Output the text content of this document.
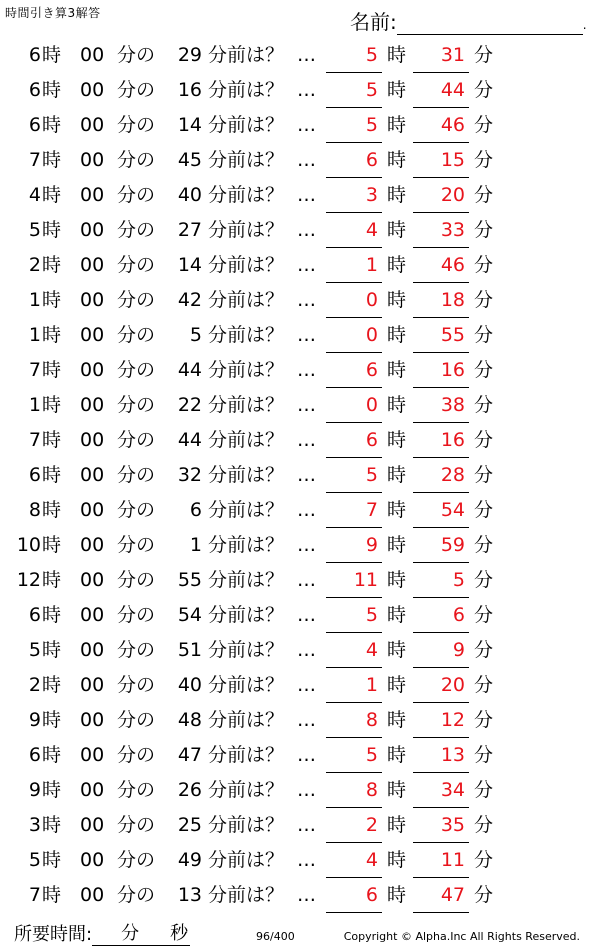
時間引き算3解答	名前:	.
6 時 00 分の 29 分前は？ …	5 時 31 分
6 時 00 分の 16 分前は？ …	5 時 44 分
6 時 00 分の 14 分前は？ …	5 時 46 分
7 時 00 分の 45 分前は？ …	6 時 15 分
4 時 00 分の 40 分前は？ …	3 時 20 分
5 時 00 分の 27 分前は？ …	4 時 33 分
2 時 00 分の 14 分前は？ …	1 時 46 分
1 時 00 分の 42 分前は？ …	0 時 18 分
1 時 00 分の 5 分前は？ …	0 時 55 分
7 時 00 分の 44 分前は？ …	6 時 16 分
1 時 00 分の 22 分前は？ …	0 時 38 分
7 時 00 分の 44 分前は？ …	6 時 16 分
6 時 00 分の 32 分前は？ …	5 時 28 分
8 時 00 分の 6 分前は？ …	7 時 54 分
10 時 00 分の 1 分前は？ …	9 時 59 分
12 時 00 分の 55 分前は？ … 11 時 5 分
6 時 00 分の 54 分前は？ …	5 時 6 分
5 時 00 分の 51 分前は？ …	4 時 9 分
2 時 00 分の 40 分前は？ …	1 時 20 分
9 時 00 分の 48 分前は？ …	8 時 12 分
6 時 00 分の 47 分前は？ …	5 時 13 分
9 時 00 分の 26 分前は？ …	8 時 34 分
3 時 00 分の 25 分前は？ …	2 時 35 分
5 時 00 分の 49 分前は？ …	4 時 11 分
7 時 00 分の 13 分前は？ …	6 時 47 分
所要時間: 分 秒	96/400	Copyright © Alpha.Inc All Rights Reserved.
